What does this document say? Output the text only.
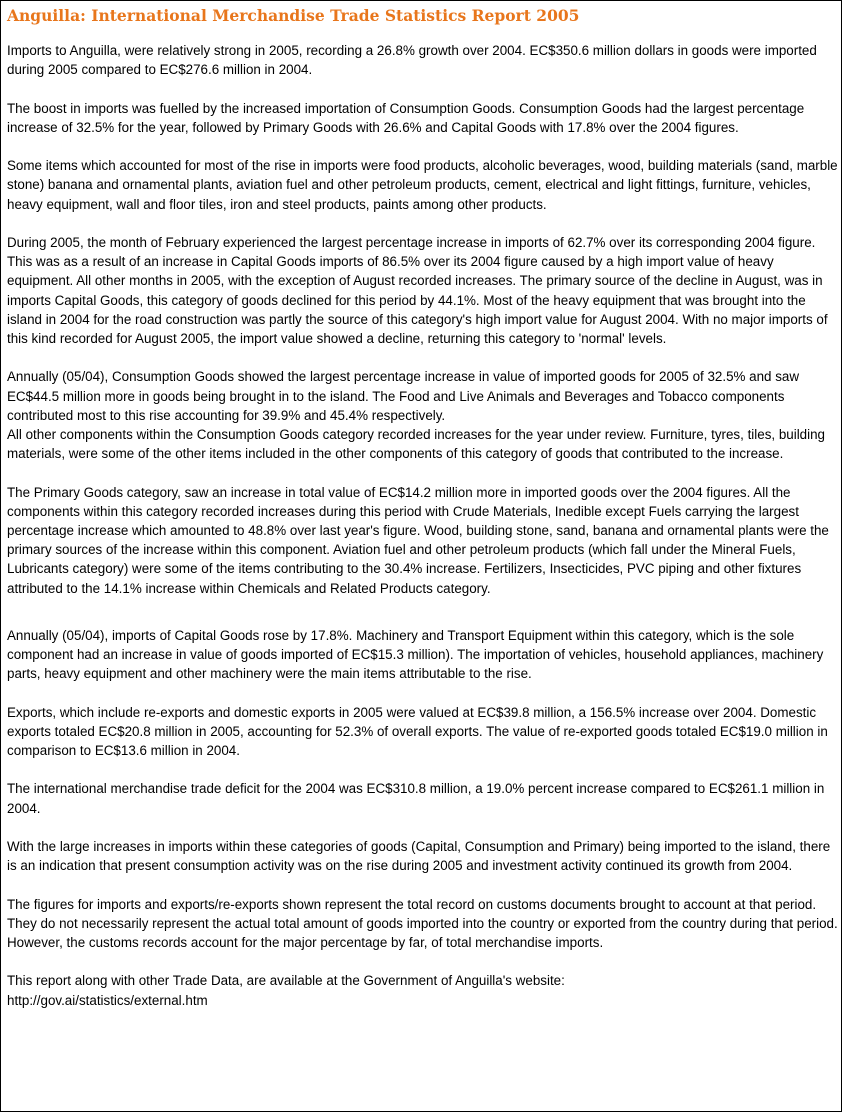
Anguilla: International Merchandise Trade Statistics Report 2005

Imports to Anguilla, were relatively strong in 2005, recording a 26.8% growth over 2004. EC$350.6 million dollars in goods were imported during 2005 compared to EC$276.6 million in 2004.

The boost in imports was fuelled by the increased importation of Consumption Goods. Consumption Goods had the largest percentage increase of 32.5% for the year, followed by Primary Goods with 26.6% and Capital Goods with 17.8% over the 2004 figures.

Some items which accounted for most of the rise in imports were food products, alcoholic beverages, wood, building materials (sand, marble stone) banana and ornamental plants, aviation fuel and other petroleum products, cement, electrical and light fittings, furniture, vehicles, heavy equipment, wall and floor tiles, iron and steel products, paints among other products.

During 2005, the month of February experienced the largest percentage increase in imports of 62.7% over its corresponding 2004 figure. This was as a result of an increase in Capital Goods imports of 86.5% over its 2004 figure caused by a high import value of heavy equipment. All other months in 2005, with the exception of August recorded increases. The primary source of the decline in August, was in imports Capital Goods, this category of goods declined for this period by 44.1%. Most of the heavy equipment that was brought into the island in 2004 for the road construction was partly the source of this category's high import value for August 2004. With no major imports of this kind recorded for August 2005, the import value showed a decline, returning this category to 'normal' levels.

Annually (05/04), Consumption Goods showed the largest percentage increase in value of imported goods for 2005 of 32.5% and saw EC$44.5 million more in goods being brought in to the island. The Food and Live Animals and Beverages and Tobacco components contributed most to this rise accounting for 39.9% and 45.4% respectively.

All other components within the Consumption Goods category recorded increases for the year under review. Furniture, tyres, tiles, building materials, were some of the other items included in the other components of this category of goods that contributed to the increase.

The Primary Goods category, saw an increase in total value of EC$14.2 million more in imported goods over the 2004 figures. All the components within this category recorded increases during this period with Crude Materials, Inedible except Fuels carrying the largest percentage increase which amounted to 48.8% over last year's figure. Wood, building stone, sand, banana and ornamental plants were the primary sources of the increase within this component. Aviation fuel and other petroleum products (which fall under the Mineral Fuels, Lubricants category) were some of the items contributing to the 30.4% increase. Fertilizers, Insecticides, PVC piping and other fixtures attributed to the 14.1% increase within Chemicals and Related Products category.

Annually (05/04), imports of Capital Goods rose by 17.8%. Machinery and Transport Equipment within this category, which is the sole component had an increase in value of goods imported of EC$15.3 million). The importation of vehicles, household appliances, machinery parts, heavy equipment and other machinery were the main items attributable to the rise.

Exports, which include re-exports and domestic exports in 2005 were valued at EC$39.8 million, a 156.5% increase over 2004. Domestic exports totaled EC$20.8 million in 2005, accounting for 52.3% of overall exports. The value of re-exported goods totaled EC$19.0 million in comparison to EC$13.6 million in 2004.

The international merchandise trade deficit for the 2004 was EC$310.8 million, a 19.0% percent increase compared to EC$261.1 million in 2004.

With the large increases in imports within these categories of goods (Capital, Consumption and Primary) being imported to the island, there is an indication that present consumption activity was on the rise during 2005 and investment activity continued its growth from 2004.

The figures for imports and exports/re-exports shown represent the total record on customs documents brought to account at that period. They do not necessarily represent the actual total amount of goods imported into the country or exported from the country during that period. However, the customs records account for the major percentage by far, of total merchandise imports.

This report along with other Trade Data, are available at the Government of Anguilla's website:
http://gov.ai/statistics/external.htm
